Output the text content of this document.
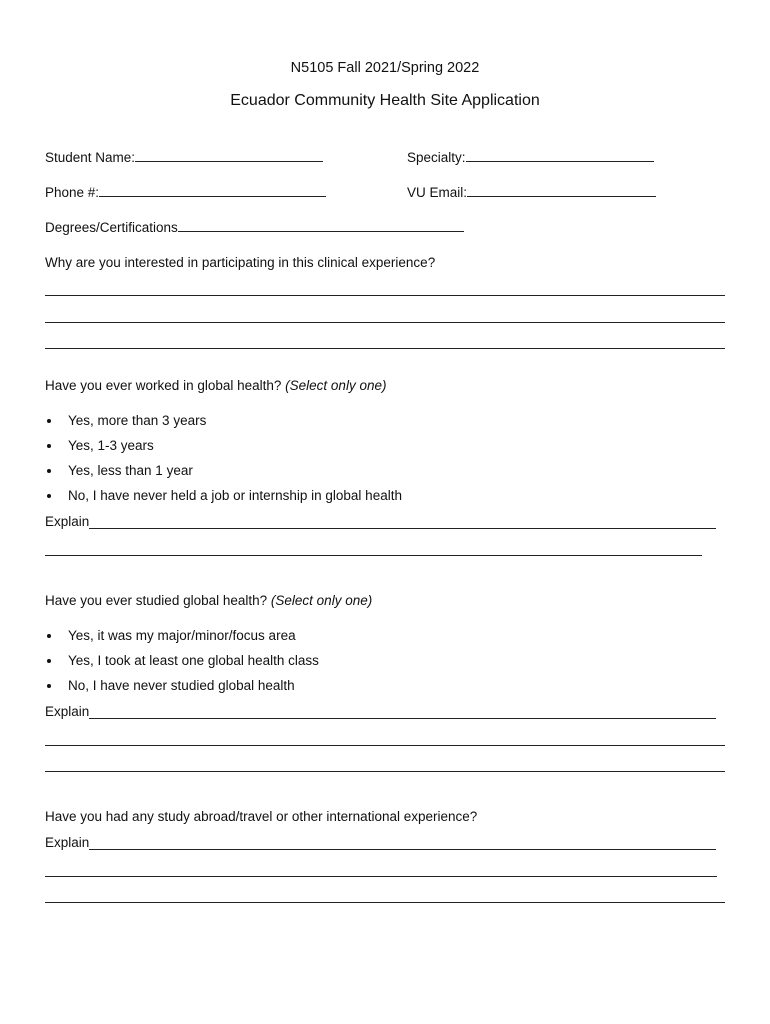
N5105 Fall 2021/Spring 2022
Ecuador Community Health Site Application
Student Name:	Specialty:
Phone #:	VU Email:
Degrees/Certifications
Why are you interested in participating in this clinical experience?
Have you ever worked in global health? (Select only one)
Yes, more than 3 years
Yes, 1-3 years
Yes, less than 1 year
No, I have never held a job or internship in global health
Explain
Have you ever studied global health? (Select only one)
Yes, it was my major/minor/focus area
Yes, I took at least one global health class
No, I have never studied global health
Explain
Have you had any study abroad/travel or other international experience?
Explain
